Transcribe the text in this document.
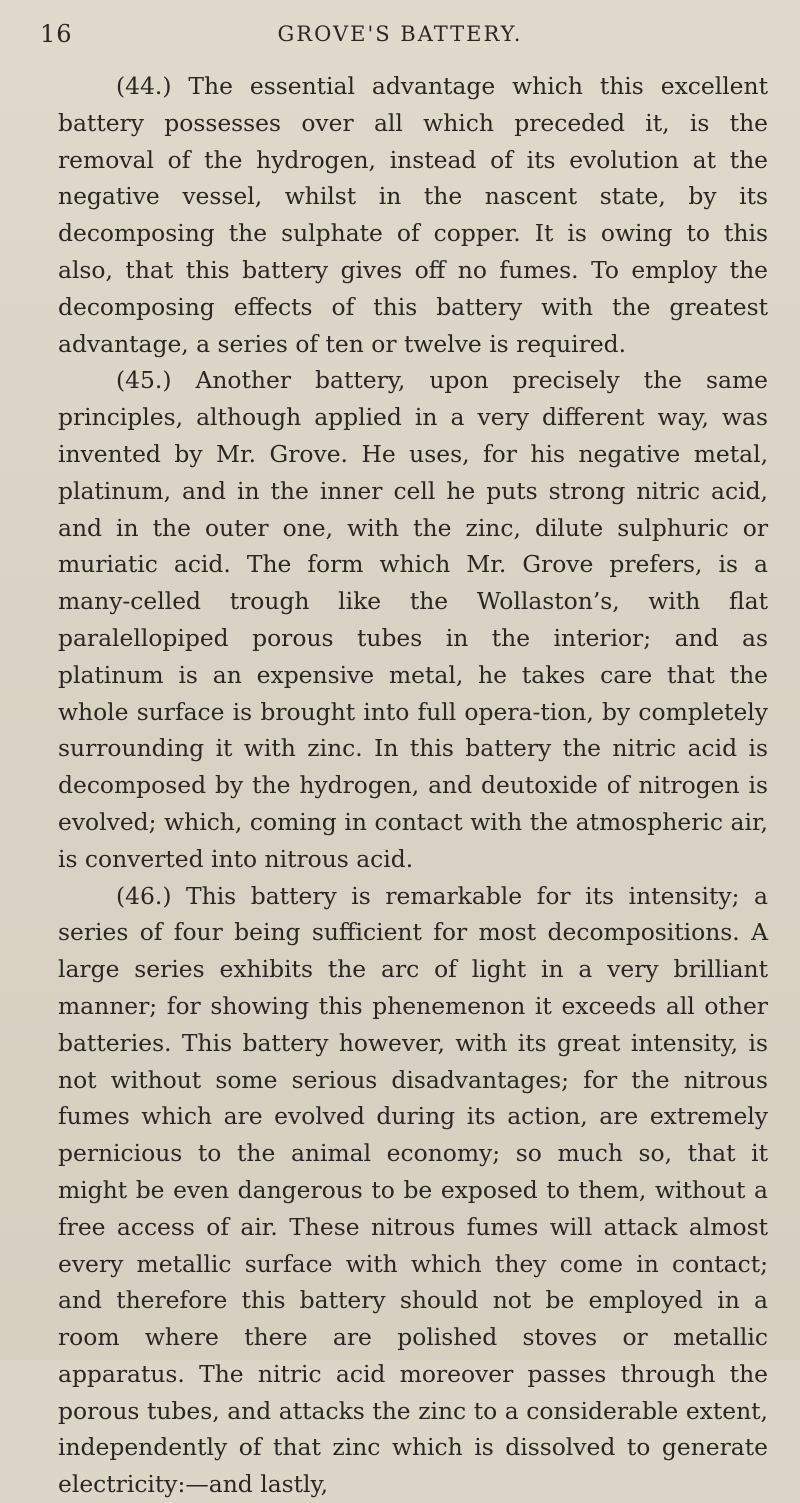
16	GROVE'S BATTERY.

(44.) The essential advantage which this excellent battery possesses over all which preceded it, is the removal of the hydrogen, instead of its evolution at the negative vessel, whilst in the nascent state, by its decomposing the sulphate of copper. It is owing to this also, that this battery gives off no fumes. To employ the decomposing effects of this battery with the greatest advantage, a series of ten or twelve is required.

(45.) Another battery, upon precisely the same principles, although applied in a very different way, was invented by Mr. Grove. He uses, for his negative metal, platinum, and in the inner cell he puts strong nitric acid, and in the outer one, with the zinc, dilute sulphuric or muriatic acid. The form which Mr. Grove prefers, is a many-celled trough like the Wollaston’s, with flat paralellopiped porous tubes in the interior; and as platinum is an expensive metal, he takes care that the whole surface is brought into full opera-tion, by completely surrounding it with zinc. In this battery the nitric acid is decomposed by the hydrogen, and deutoxide of nitrogen is evolved; which, coming in contact with the atmospheric air, is converted into nitrous acid.

(46.) This battery is remarkable for its intensity; a series of four being sufficient for most decompositions. A large series exhibits the arc of light in a very brilliant manner; for showing this phenemenon it exceeds all other batteries. This battery however, with its great intensity, is not without some serious disadvantages; for the nitrous fumes which are evolved during its action, are extremely pernicious to the animal economy; so much so, that it might be even dangerous to be exposed to them, without a free access of air. These nitrous fumes will attack almost every metallic surface with which they come in contact; and therefore this battery should not be employed in a room where there are polished stoves or metallic apparatus. The nitric acid moreover passes through the porous tubes, and attacks the zinc to a considerable extent, independently of that zinc which is dissolved to generate electricity:—and lastly,
